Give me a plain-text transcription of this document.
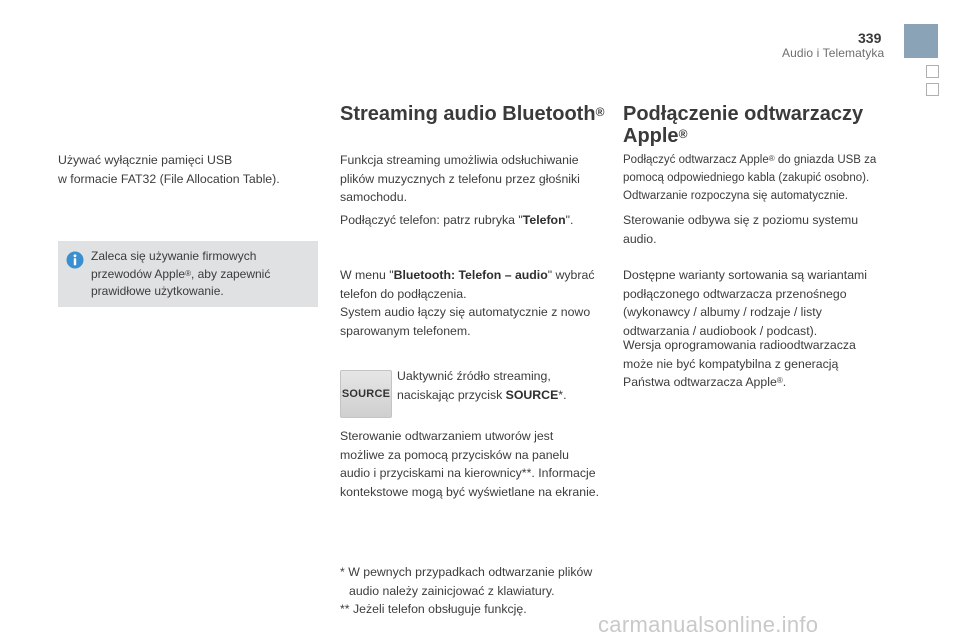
339
Audio i Telematyka
Używać wyłącznie pamięci USB
w formacie FAT32 (File Allocation Table).
Zaleca się używanie firmowych
przewodów Apple®, aby zapewnić
prawidłowe użytkowanie.
Streaming audio Bluetooth®
Funkcja streaming umożliwia odsłuchiwanie
plików muzycznych z telefonu przez głośniki
samochodu.
Podłączyć telefon: patrz rubryka "Telefon".
W menu "Bluetooth: Telefon – audio" wybrać
telefon do podłączenia.
System audio łączy się automatycznie z nowo
sparowanym telefonem.
SOURCE
Uaktywnić źródło streaming,
naciskając przycisk SOURCE*.
Sterowanie odtwarzaniem utworów jest
możliwe za pomocą przycisków na panelu
audio i przyciskami na kierownicy**. Informacje
kontekstowe mogą być wyświetlane na ekranie.
* W pewnych przypadkach odtwarzanie plików
audio należy zainicjować z klawiatury.
** Jeżeli telefon obsługuje funkcję.
Podłączenie odtwarzaczy
Apple®
Podłączyć odtwarzacz Apple® do gniazda USB za
pomocą odpowiedniego kabla (zakupić osobno).
Odtwarzanie rozpoczyna się automatycznie.
Sterowanie odbywa się z poziomu systemu
audio.
Dostępne warianty sortowania są wariantami
podłączonego odtwarzacza przenośnego
(wykonawcy / albumy / rodzaje / listy
odtwarzania / audiobook / podcast).
Wersja oprogramowania radioodtwarzacza
może nie być kompatybilna z generacją
Państwa odtwarzacza Apple®.
carmanualsonline.info
